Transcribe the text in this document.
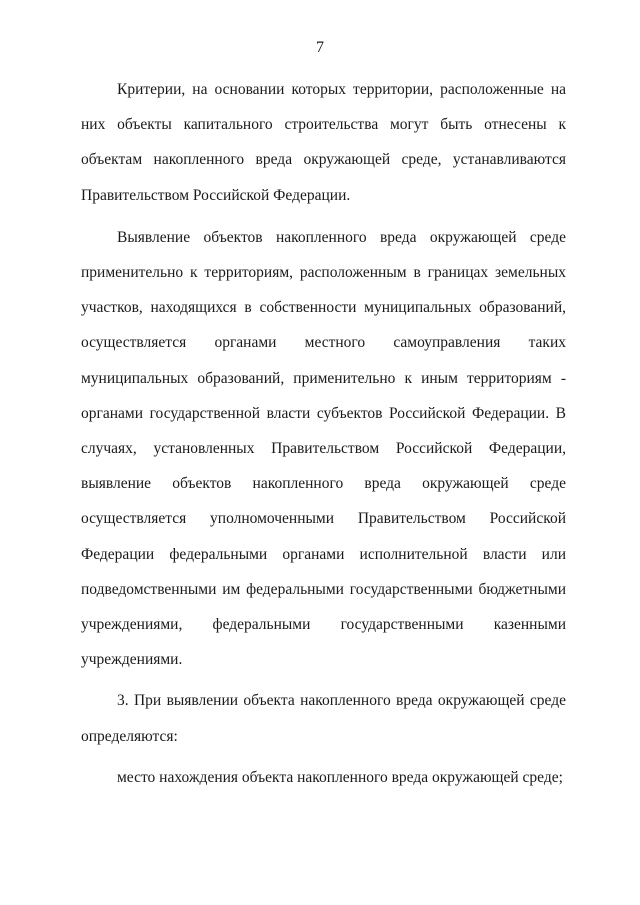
7

Критерии, на основании которых территории, расположенные на них объекты капитального строительства могут быть отнесены к объектам накопленного вреда окружающей среде, устанавливаются Правительством Российской Федерации.

Выявление объектов накопленного вреда окружающей среде применительно к территориям, расположенным в границах земельных участков, находящихся в собственности муниципальных образований, осуществляется органами местного самоуправления таких муниципальных образований, применительно к иным территориям - органами государственной власти субъектов Российской Федерации. В случаях, установленных Правительством Российской Федерации, выявление объектов накопленного вреда окружающей среде осуществляется уполномоченными Правительством Российской Федерации федеральными органами исполнительной власти или подведомственными им федеральными государственными бюджетными учреждениями, федеральными государственными казенными учреждениями.

3. При выявлении объекта накопленного вреда окружающей среде определяются:

место нахождения объекта накопленного вреда окружающей среде;
